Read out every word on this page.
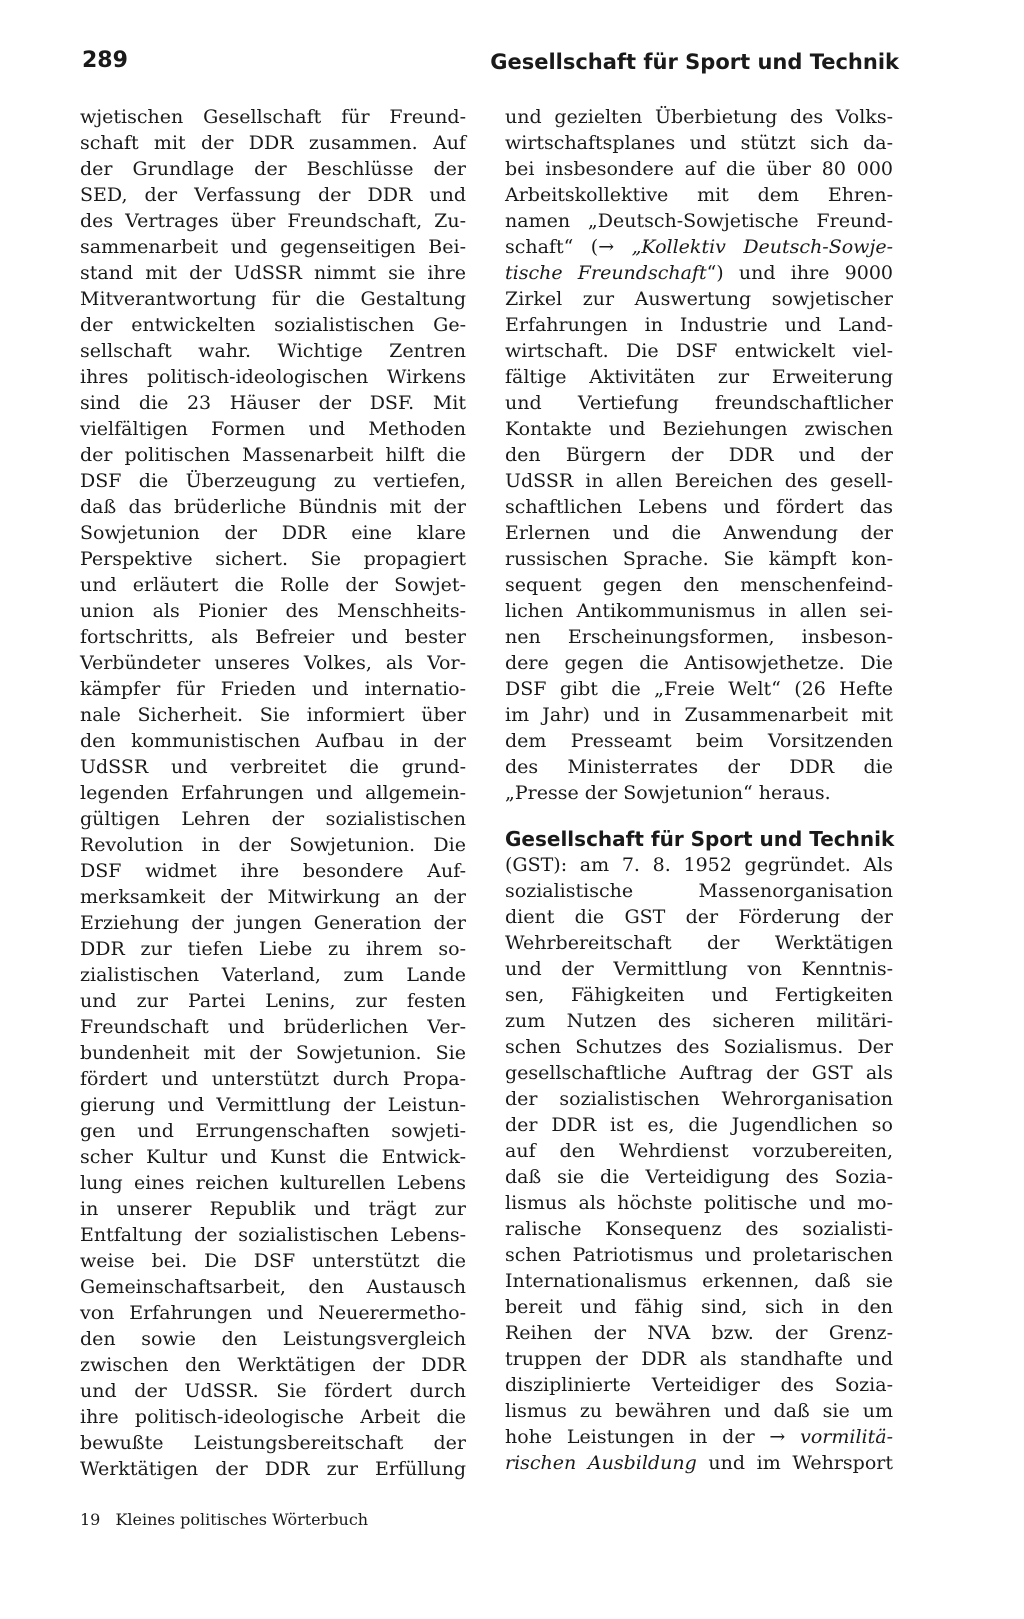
289	Gesellschaft für Sport und Technik

wjetischen Gesellschaft für Freund-
schaft mit der DDR zusammen. Auf
der Grundlage der Beschlüsse der
SED, der Verfassung der DDR und
des Vertrages über Freundschaft, Zu-
sammenarbeit und gegenseitigen Bei-
stand mit der UdSSR nimmt sie ihre
Mitverantwortung für die Gestaltung
der entwickelten sozialistischen Ge-
sellschaft wahr. Wichtige Zentren
ihres politisch-ideologischen Wirkens
sind die 23 Häuser der DSF. Mit
vielfältigen Formen und Methoden
der politischen Massenarbeit hilft die
DSF die Überzeugung zu vertiefen,
daß das brüderliche Bündnis mit der
Sowjetunion der DDR eine klare
Perspektive sichert. Sie propagiert
und erläutert die Rolle der Sowjet-
union als Pionier des Menschheits-
fortschritts, als Befreier und bester
Verbündeter unseres Volkes, als Vor-
kämpfer für Frieden und internatio-
nale Sicherheit. Sie informiert über
den kommunistischen Aufbau in der
UdSSR und verbreitet die grund-
legenden Erfahrungen und allgemein-
gültigen Lehren der sozialistischen
Revolution in der Sowjetunion. Die
DSF widmet ihre besondere Auf-
merksamkeit der Mitwirkung an der
Erziehung der jungen Generation der
DDR zur tiefen Liebe zu ihrem so-
zialistischen Vaterland, zum Lande
und zur Partei Lenins, zur festen
Freundschaft und brüderlichen Ver-
bundenheit mit der Sowjetunion. Sie
fördert und unterstützt durch Propa-
gierung und Vermittlung der Leistun-
gen und Errungenschaften sowjeti-
scher Kultur und Kunst die Entwick-
lung eines reichen kulturellen Lebens
in unserer Republik und trägt zur
Entfaltung der sozialistischen Lebens-
weise bei. Die DSF unterstützt die
Gemeinschaftsarbeit, den Austausch
von Erfahrungen und Neuerermetho-
den sowie den Leistungsvergleich
zwischen den Werktätigen der DDR
und der UdSSR. Sie fördert durch
ihre politisch-ideologische Arbeit die
bewußte Leistungsbereitschaft der
Werktätigen der DDR zur Erfüllung

und gezielten Überbietung des Volks-
wirtschaftsplanes und stützt sich da-
bei insbesondere auf die über 80 000
Arbeitskollektive mit dem Ehren-
namen „Deutsch-Sowjetische Freund-
schaft“ (→ „Kollektiv Deutsch-Sowje-
tische Freundschaft“) und ihre 9000
Zirkel zur Auswertung sowjetischer
Erfahrungen in Industrie und Land-
wirtschaft. Die DSF entwickelt viel-
fältige Aktivitäten zur Erweiterung
und Vertiefung freundschaftlicher
Kontakte und Beziehungen zwischen
den Bürgern der DDR und der
UdSSR in allen Bereichen des gesell-
schaftlichen Lebens und fördert das
Erlernen und die Anwendung der
russischen Sprache. Sie kämpft kon-
sequent gegen den menschenfeind-
lichen Antikommunismus in allen sei-
nen Erscheinungsformen, insbeson-
dere gegen die Antisowjethetze. Die
DSF gibt die „Freie Welt“ (26 Hefte
im Jahr) und in Zusammenarbeit mit
dem Presseamt beim Vorsitzenden
des Ministerrates der DDR die
„Presse der Sowjetunion“ heraus.

Gesellschaft für Sport und Technik

(GST): am 7. 8. 1952 gegründet. Als
sozialistische Massenorganisation
dient die GST der Förderung der
Wehrbereitschaft der Werktätigen
und der Vermittlung von Kenntnis-
sen, Fähigkeiten und Fertigkeiten
zum Nutzen des sicheren militäri-
schen Schutzes des Sozialismus. Der
gesellschaftliche Auftrag der GST als
der sozialistischen Wehrorganisation
der DDR ist es, die Jugendlichen so
auf den Wehrdienst vorzubereiten,
daß sie die Verteidigung des Sozia-
lismus als höchste politische und mo-
ralische Konsequenz des sozialisti-
schen Patriotismus und proletarischen
Internationalismus erkennen, daß sie
bereit und fähig sind, sich in den
Reihen der NVA bzw. der Grenz-
truppen der DDR als standhafte und
disziplinierte Verteidiger des Sozia-
lismus zu bewähren und daß sie um
hohe Leistungen in der → vormilitä-
rischen Ausbildung und im Wehrsport

19 Kleines politisches Wörterbuch
